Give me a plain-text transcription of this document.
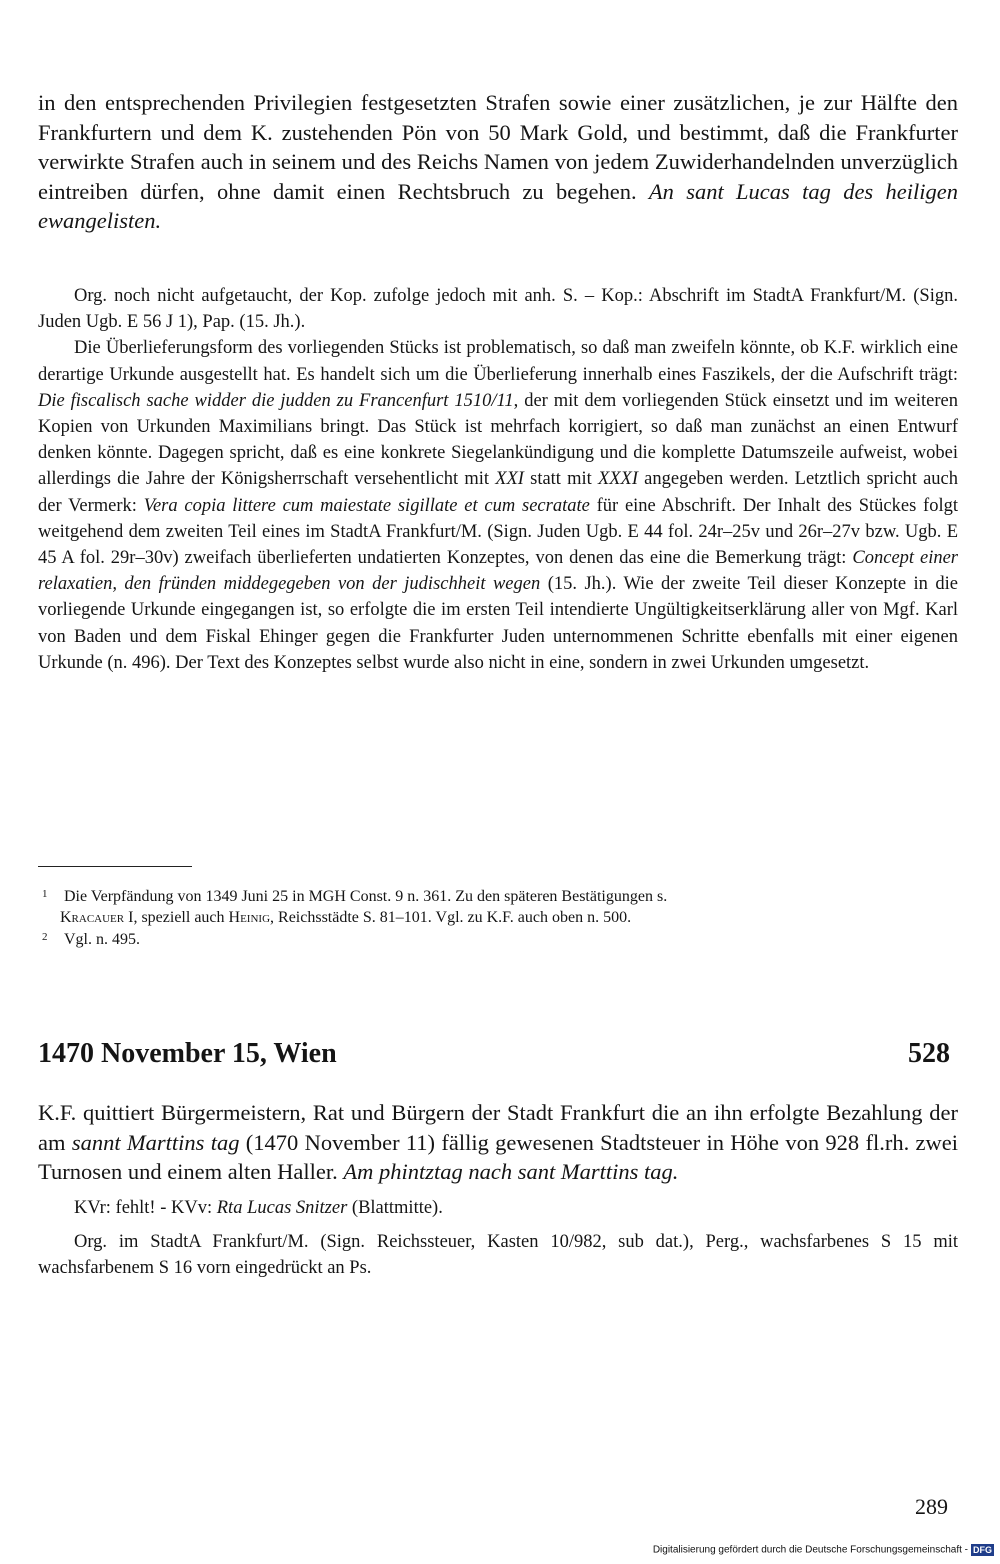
in den entsprechenden Privilegien festgesetzten Strafen sowie einer zusätzlichen, je zur Hälfte den Frankfurtern und dem K. zustehenden Pön von 50 Mark Gold, und bestimmt, daß die Frankfurter verwirkte Strafen auch in seinem und des Reichs Namen von jedem Zuwiderhandelnden unverzüglich eintreiben dürfen, ohne damit einen Rechtsbruch zu begehen. An sant Lucas tag des heiligen ewangelisten.

Org. noch nicht aufgetaucht, der Kop. zufolge jedoch mit anh. S. – Kop.: Abschrift im StadtA Frankfurt/M. (Sign. Juden Ugb. E 56 J 1), Pap. (15. Jh.).

Die Überlieferungsform des vorliegenden Stücks ist problematisch, so daß man zweifeln könnte, ob K.F. wirklich eine derartige Urkunde ausgestellt hat. Es handelt sich um die Überlieferung innerhalb eines Faszikels, der die Aufschrift trägt: Die fiscalisch sache widder die judden zu Francenfurt 1510/11, der mit dem vorliegenden Stück einsetzt und im weiteren Kopien von Urkunden Maximilians bringt. Das Stück ist mehrfach korrigiert, so daß man zunächst an einen Entwurf denken könnte. Dagegen spricht, daß es eine konkrete Siegelankündigung und die komplette Datumszeile aufweist, wobei allerdings die Jahre der Königsherrschaft versehentlicht mit XXI statt mit XXXI angegeben werden. Letztlich spricht auch der Vermerk: Vera copia littere cum maiestate sigillate et cum secratate für eine Abschrift. Der Inhalt des Stückes folgt weitgehend dem zweiten Teil eines im StadtA Frankfurt/M. (Sign. Juden Ugb. E 44 fol. 24r–25v und 26r–27v bzw. Ugb. E 45 A fol. 29r–30v) zweifach überlieferten undatierten Konzeptes, von denen das eine die Bemerkung trägt: Concept einer relaxatien, den fründen middegegeben von der judischheit wegen (15. Jh.). Wie der zweite Teil dieser Konzepte in die vorliegende Urkunde eingegangen ist, so erfolgte die im ersten Teil intendierte Ungültigkeitserklärung aller von Mgf. Karl von Baden und dem Fiskal Ehinger gegen die Frankfurter Juden unternommenen Schritte ebenfalls mit einer eigenen Urkunde (n. 496). Der Text des Konzeptes selbst wurde also nicht in eine, sondern in zwei Urkunden umgesetzt.

1 Die Verpfändung von 1349 Juni 25 in MGH Const. 9 n. 361. Zu den späteren Bestätigungen s.
Kracauer I, speziell auch Heinig, Reichsstädte S. 81–101. Vgl. zu K.F. auch oben n. 500.
2 Vgl. n. 495.
1470 November 15, Wien	528

K.F. quittiert Bürgermeistern, Rat und Bürgern der Stadt Frankfurt die an ihn erfolgte Bezahlung der am sannt Marttins tag (1470 November 11) fällig gewesenen Stadtsteuer in Höhe von 928 fl.rh. zwei Turnosen und einem alten Haller. Am phintztag nach sant Marttins tag.

KVr: fehlt! - KVv: Rta Lucas Snitzer (Blattmitte).

Org. im StadtA Frankfurt/M. (Sign. Reichssteuer, Kasten 10/982, sub dat.), Perg., wachsfarbenes S 15 mit wachsfarbenem S 16 vorn eingedrückt an Ps.

289
Digitalisierung gefördert durch die Deutsche Forschungsgemeinschaft - DFG
